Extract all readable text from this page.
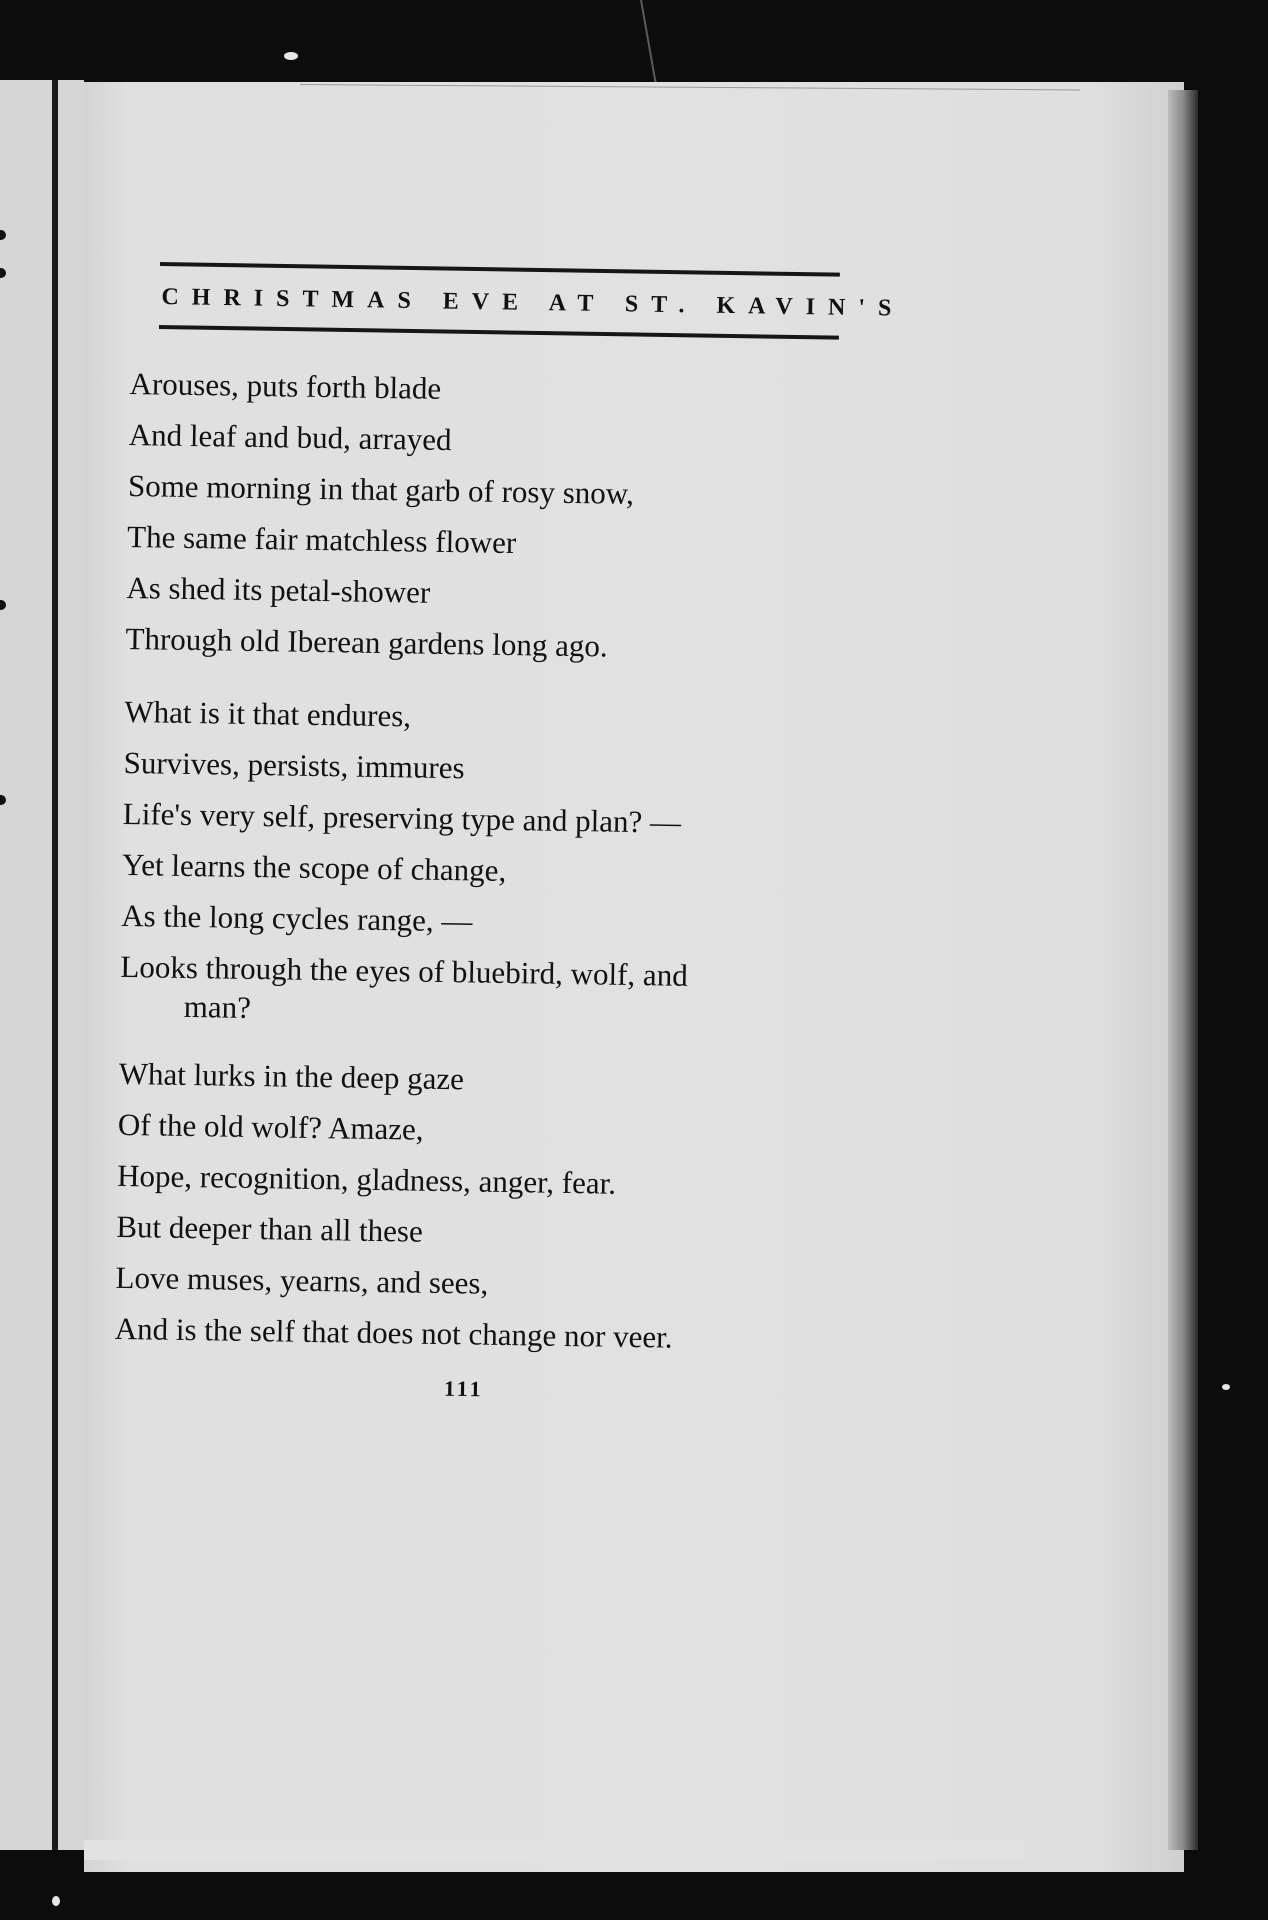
CHRISTMAS EVE AT ST. KAVIN'S
Arouses, puts forth blade
And leaf and bud, arrayed
Some morning in that garb of rosy snow,
The same fair matchless flower
As shed its petal-shower
Through old Iberean gardens long ago.
What is it that endures,
Survives, persists, immures
Life's very self, preserving type and plan? —
Yet learns the scope of change,
As the long cycles range, —
Looks through the eyes of bluebird, wolf, and
man?
What lurks in the deep gaze
Of the old wolf? Amaze,
Hope, recognition, gladness, anger, fear.
But deeper than all these
Love muses, yearns, and sees,
And is the self that does not change nor veer.
111
